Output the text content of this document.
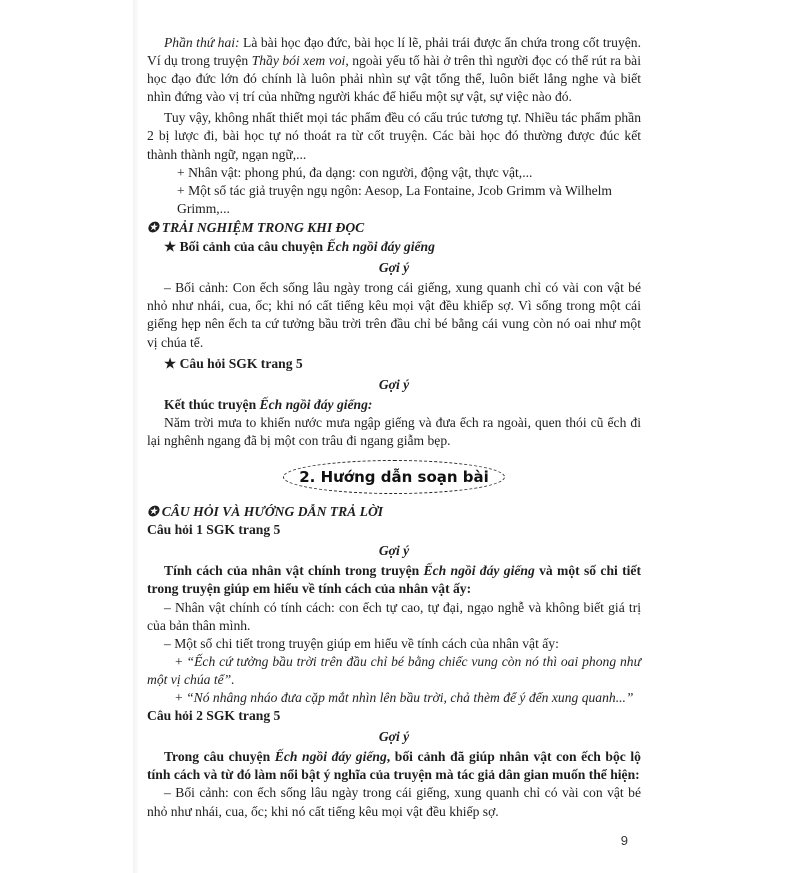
Phần thứ hai: Là bài học đạo đức, bài học lí lẽ, phải trái được ẩn chứa trong cốt truyện. Ví dụ trong truyện Thầy bói xem voi, ngoài yếu tố hài ở trên thì người đọc có thể rút ra bài học đạo đức lớn đó chính là luôn phải nhìn sự vật tổng thể, luôn biết lắng nghe và biết nhìn đứng vào vị trí của những người khác để hiểu một sự vật, sự việc nào đó.

Tuy vậy, không nhất thiết mọi tác phẩm đều có cấu trúc tương tự. Nhiều tác phẩm phần 2 bị lược đi, bài học tự nó thoát ra từ cốt truyện. Các bài học đó thường được đúc kết thành thành ngữ, ngạn ngữ,...

+ Nhân vật: phong phú, đa dạng: con người, động vật, thực vật,...

+ Một số tác giả truyện ngụ ngôn: Aesop, La Fontaine, Jcob Grimm và Wilhelm Grimm,...

✪ TRẢI NGHIỆM TRONG KHI ĐỌC

★ Bối cảnh của câu chuyện Ếch ngồi đáy giếng

Gợi ý

– Bối cảnh: Con ếch sống lâu ngày trong cái giếng, xung quanh chỉ có vài con vật bé nhỏ như nhái, cua, ốc; khi nó cất tiếng kêu mọi vật đều khiếp sợ. Vì sống trong một cái giếng hẹp nên ếch ta cứ tưởng bầu trời trên đầu chỉ bé bằng cái vung còn nó oai như một vị chúa tể.

★ Câu hỏi SGK trang 5

Gợi ý

Kết thúc truyện Ếch ngồi đáy giếng:

Năm trời mưa to khiến nước mưa ngập giếng và đưa ếch ra ngoài, quen thói cũ ếch đi lại nghênh ngang đã bị một con trâu đi ngang giẫm bẹp.

2. Hướng dẫn soạn bài

✪ CÂU HỎI VÀ HƯỚNG DẪN TRẢ LỜI

Câu hỏi 1 SGK trang 5

Gợi ý

Tính cách của nhân vật chính trong truyện Ếch ngồi đáy giếng và một số chi tiết trong truyện giúp em hiểu về tính cách của nhân vật ấy:

– Nhân vật chính có tính cách: con ếch tự cao, tự đại, ngạo nghễ và không biết giá trị của bản thân mình.

– Một số chi tiết trong truyện giúp em hiểu về tính cách của nhân vật ấy:

+ “Ếch cứ tưởng bầu trời trên đầu chỉ bé bằng chiếc vung còn nó thì oai phong như một vị chúa tể”.

+ “Nó nhâng nháo đưa cặp mắt nhìn lên bầu trời, chả thèm để ý đến xung quanh...”

Câu hỏi 2 SGK trang 5

Gợi ý

Trong câu chuyện Ếch ngồi đáy giếng, bối cảnh đã giúp nhân vật con ếch bộc lộ tính cách và từ đó làm nổi bật ý nghĩa của truyện mà tác giả dân gian muốn thể hiện:

– Bối cảnh: con ếch sống lâu ngày trong cái giếng, xung quanh chỉ có vài con vật bé nhỏ như nhái, cua, ốc; khi nó cất tiếng kêu mọi vật đều khiếp sợ.

9
